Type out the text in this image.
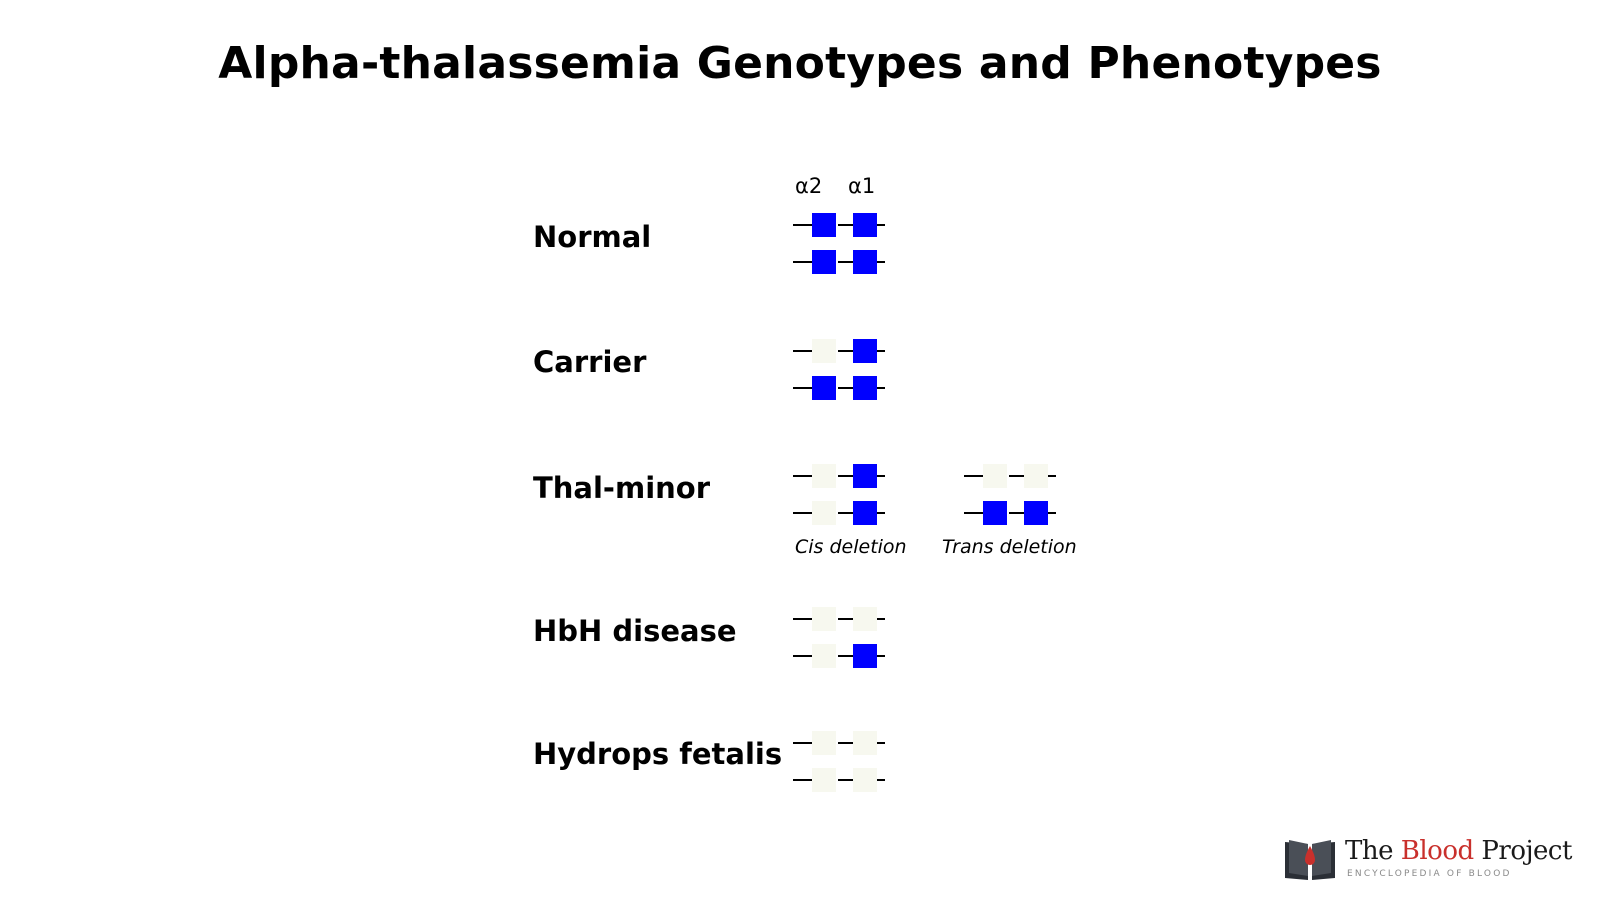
Alpha-thalassemia Genotypes and Phenotypes
α2 α1
Normal
Carrier
Thal-minor
HbH disease
Hydrops fetalis
Cis deletion Trans deletion
The Blood Project
ENCYCLOPEDIA OF BLOOD
